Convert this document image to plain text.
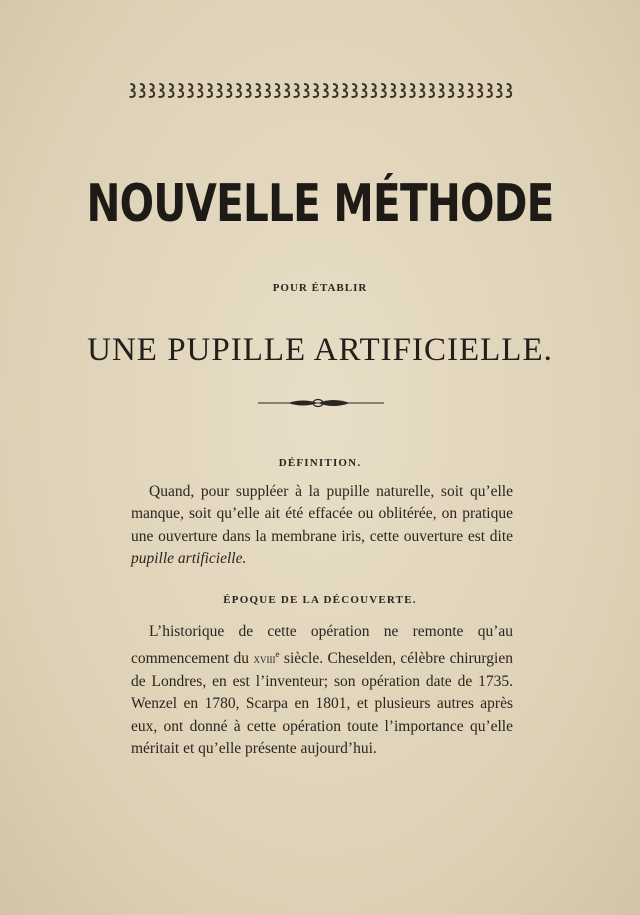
NOUVELLE MÉTHODE
POUR ÉTABLIR
UNE PUPILLE ARTIFICIELLE.
DÉFINITION.
Quand, pour suppléer à la pupille naturelle, soit qu’elle manque, soit qu’elle ait été effacée ou oblitérée, on pratique une ouverture dans la membrane iris, cette ouverture est dite pupille artificielle.
ÉPOQUE DE LA DÉCOUVERTE.
L’historique de cette opération ne remonte qu’au commencement du xviii$^e$ siècle. Cheselden, célèbre chirurgien de Londres, en est l’inventeur; son opération date de 1735. Wenzel en 1780, Scarpa en 1801, et plusieurs autres après eux, ont donné à cette opération toute l’importance qu’elle méritait et qu’elle présente aujourd’hui.
